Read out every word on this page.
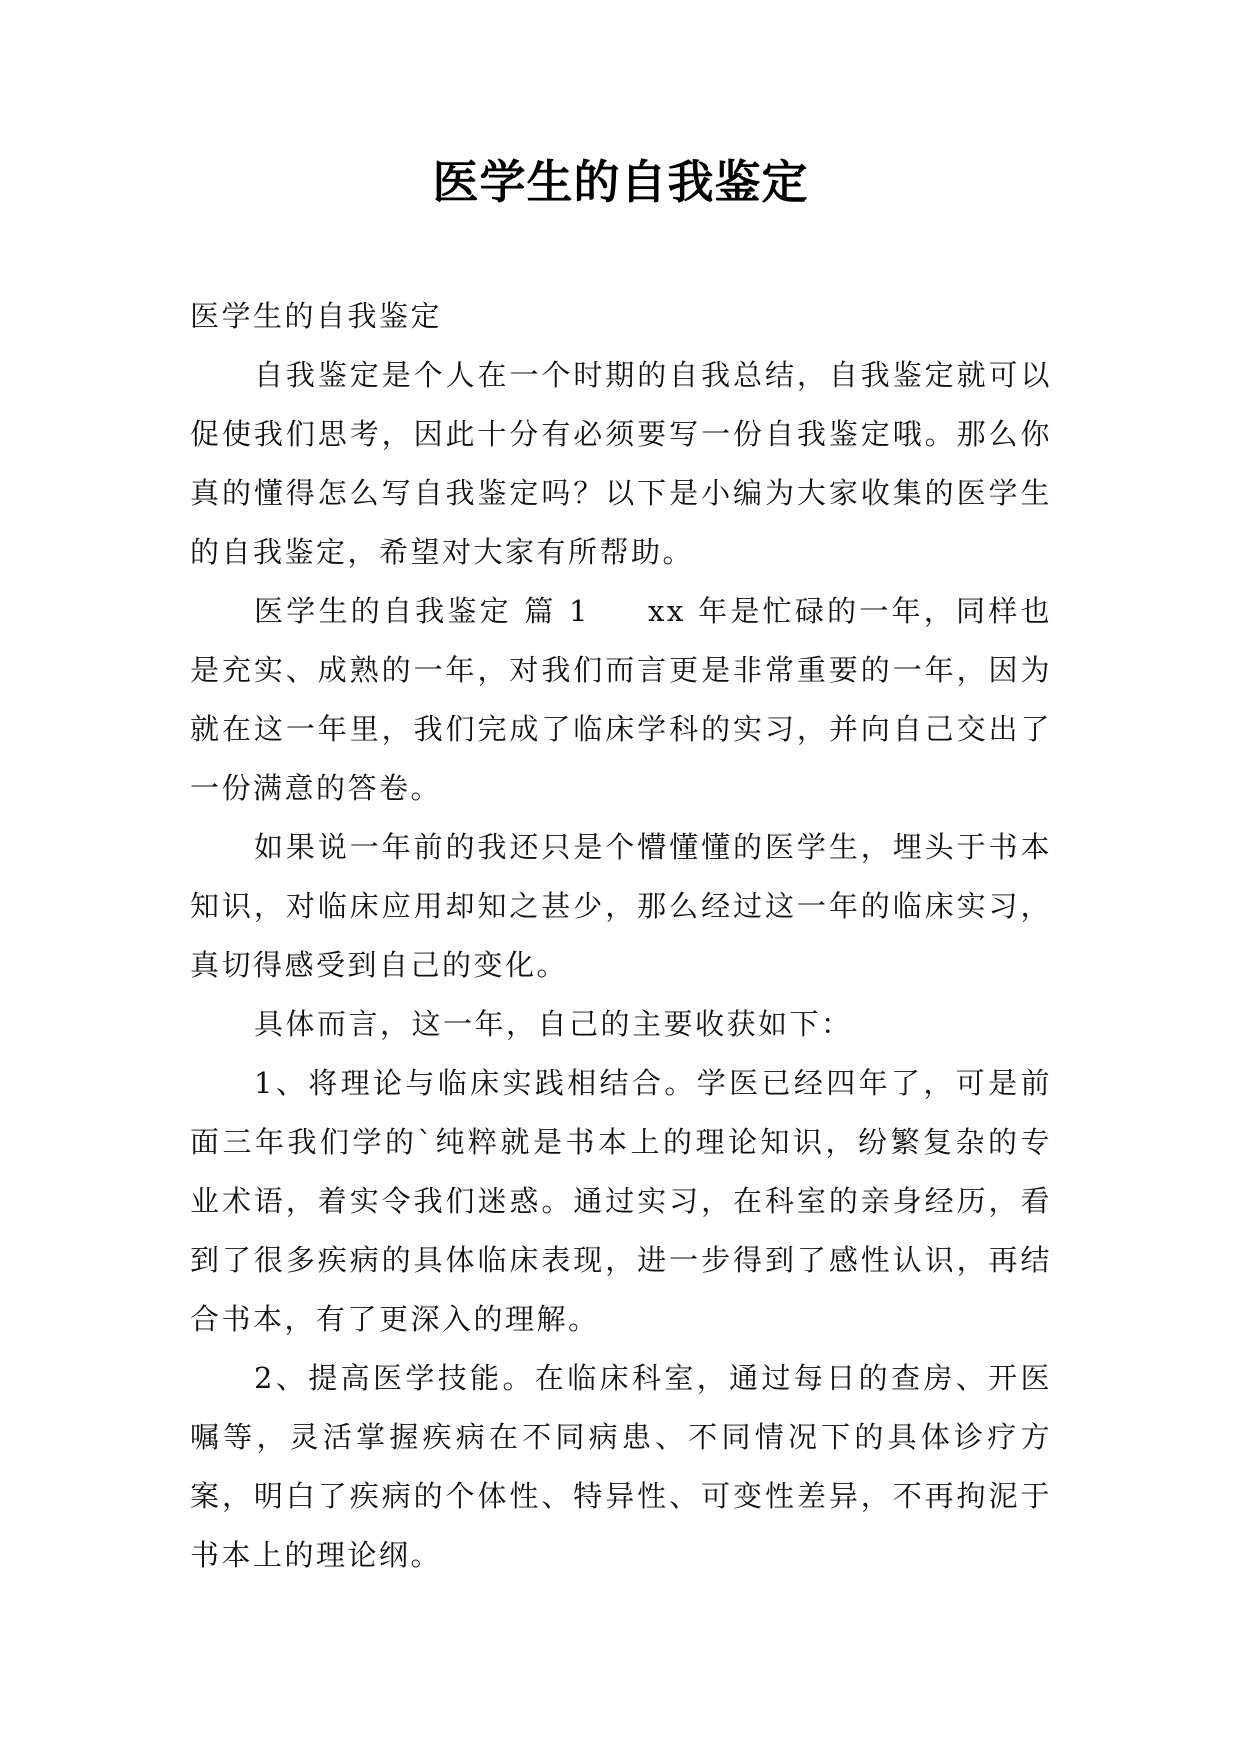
医学生的自我鉴定

医学生的自我鉴定

自我鉴定是个人在一个时期的自我总结，自我鉴定就可以促使我们思考，因此十分有必须要写一份自我鉴定哦。那么你真的懂得怎么写自我鉴定吗？以下是小编为大家收集的医学生的自我鉴定，希望对大家有所帮助。

医学生的自我鉴定 篇 1 xx 年是忙碌的一年，同样也是充实、成熟的一年，对我们而言更是非常重要的一年，因为就在这一年里，我们完成了临床学科的实习，并向自己交出了一份满意的答卷。

如果说一年前的我还只是个懵懂懂的医学生，埋头于书本知识，对临床应用却知之甚少，那么经过这一年的临床实习，真切得感受到自己的变化。

具体而言，这一年，自己的主要收获如下：

1、将理论与临床实践相结合。学医已经四年了，可是前面三年我们学的`纯粹就是书本上的理论知识，纷繁复杂的专业术语，着实令我们迷惑。通过实习，在科室的亲身经历，看到了很多疾病的具体临床表现，进一步得到了感性认识，再结合书本，有了更深入的理解。

2、提高医学技能。在临床科室，通过每日的查房、开医嘱等，灵活掌握疾病在不同病患、不同情况下的具体诊疗方案，明白了疾病的个体性、特异性、可变性差异，不再拘泥于书本上的理论纲。
